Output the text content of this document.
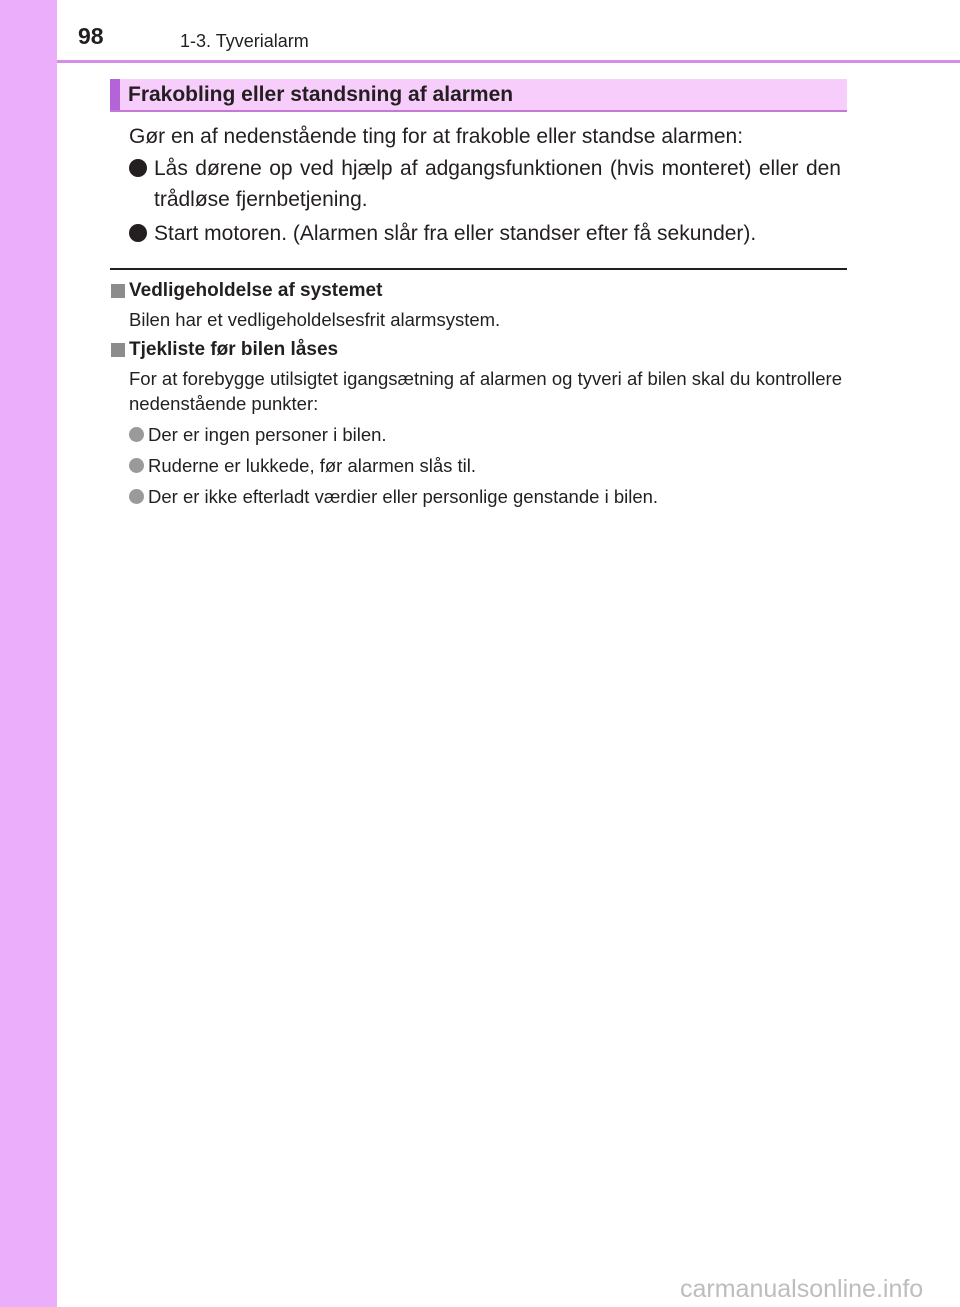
98	1-3. Tyverialarm
Frakobling eller standsning af alarmen
Gør en af nedenstående ting for at frakoble eller standse alarmen:
Lås dørene op ved hjælp af adgangsfunktionen (hvis monteret) eller den trådløse fjernbetjening.
Start motoren. (Alarmen slår fra eller standser efter få sekunder).
Vedligeholdelse af systemet
Bilen har et vedligeholdelsesfrit alarmsystem.
Tjekliste før bilen låses
For at forebygge utilsigtet igangsætning af alarmen og tyveri af bilen skal du kontrollere nedenstående punkter:
Der er ingen personer i bilen.
Ruderne er lukkede, før alarmen slås til.
Der er ikke efterladt værdier eller personlige genstande i bilen.
carmanualsonline.info
